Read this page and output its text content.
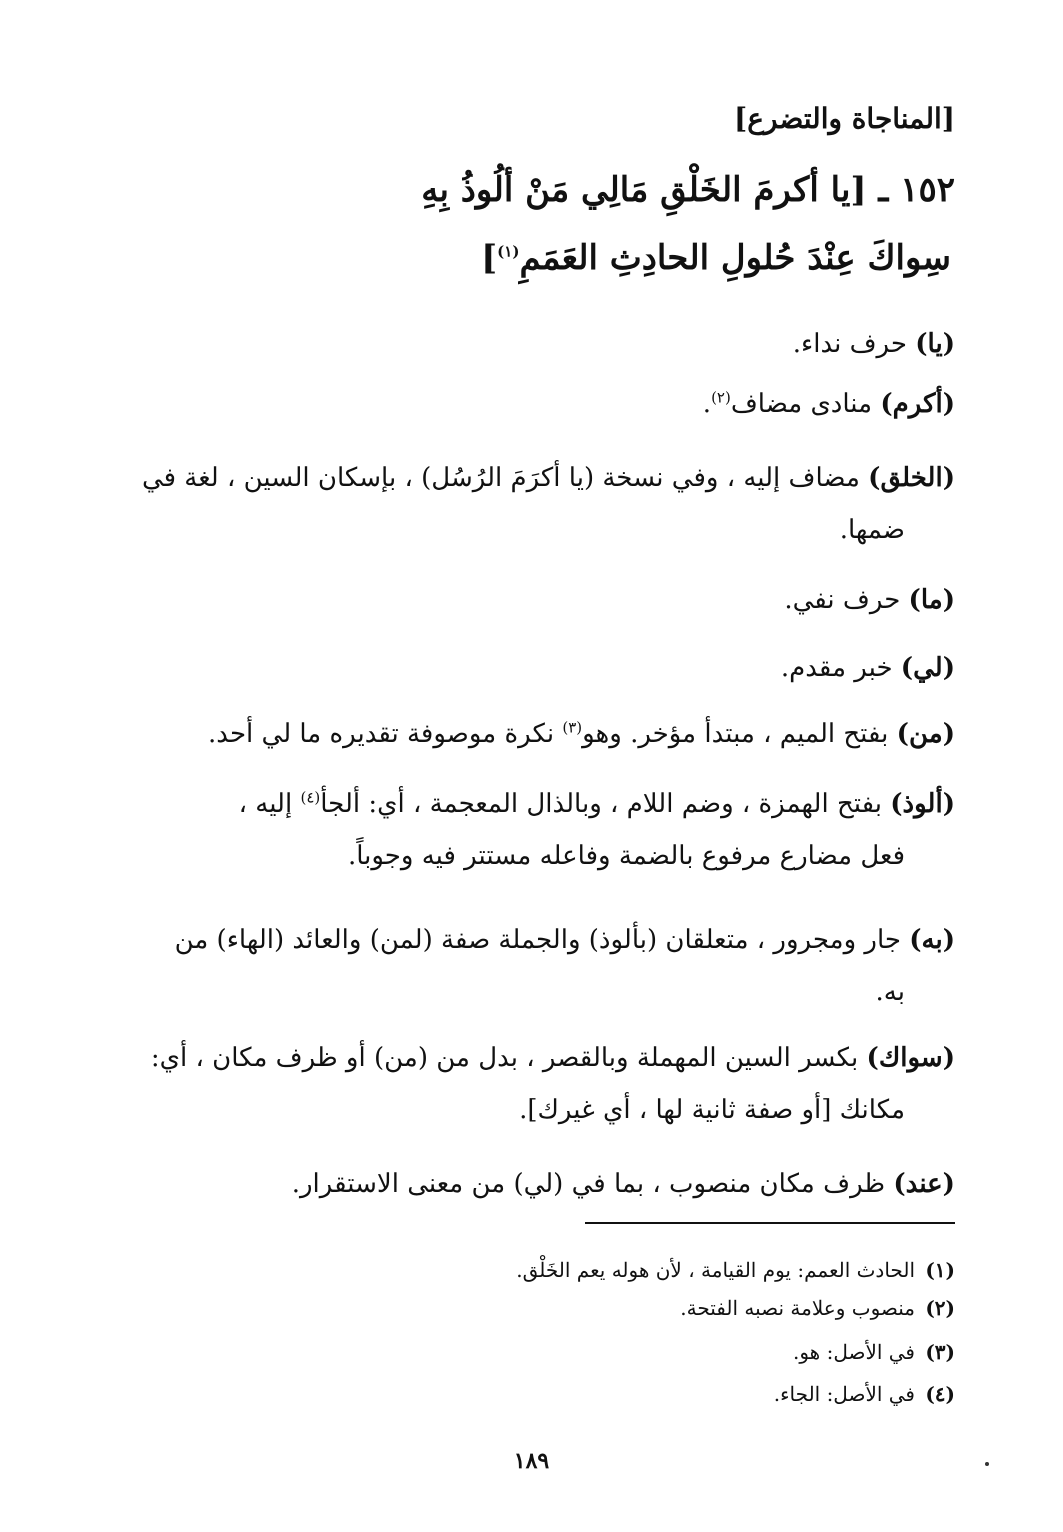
[المناجاة والتضرع]
١٥٢ ـ [يا أكرمَ الخَلْقِ مَالِي مَنْ ألُوذُ بِهِ
سِواكَ عِنْدَ حُلولِ الحادِثِ العَمَمِ$^{(١)}$]
(يا) حرف نداء.
(أكرم) منادى مضاف$^{(٢)}$.
(الخلق) مضاف إليه ، وفي نسخة (يا أكرَمَ الرُسُل) ، بإسكان السين ، لغة في
ضمها.
(ما) حرف نفي.
(لي) خبر مقدم.
(من) بفتح الميم ، مبتدأ مؤخر. وهو$^{(٣)}$ نكرة موصوفة تقديره ما لي أحد.
(ألوذ) بفتح الهمزة ، وضم اللام ، وبالذال المعجمة ، أي: ألجأ$^{(٤)}$ إليه ،
فعل مضارع مرفوع بالضمة وفاعله مستتر فيه وجوباً.
(به) جار ومجرور ، متعلقان (بألوذ) والجملة صفة (لمن) والعائد (الهاء) من
به.
(سواك) بكسر السين المهملة وبالقصر ، بدل من (من) أو ظرف مكان ، أي:
مكانك [أو صفة ثانية لها ، أي غيرك].
(عند) ظرف مكان منصوب ، بما في (لي) من معنى الاستقرار.
(١)الحادث العمم: يوم القيامة ، لأن هوله يعم الخَلْق.
(٢)منصوب وعلامة نصبه الفتحة.
(٣)في الأصل: هو.
(٤)في الأصل: الجاء.
١٨٩
